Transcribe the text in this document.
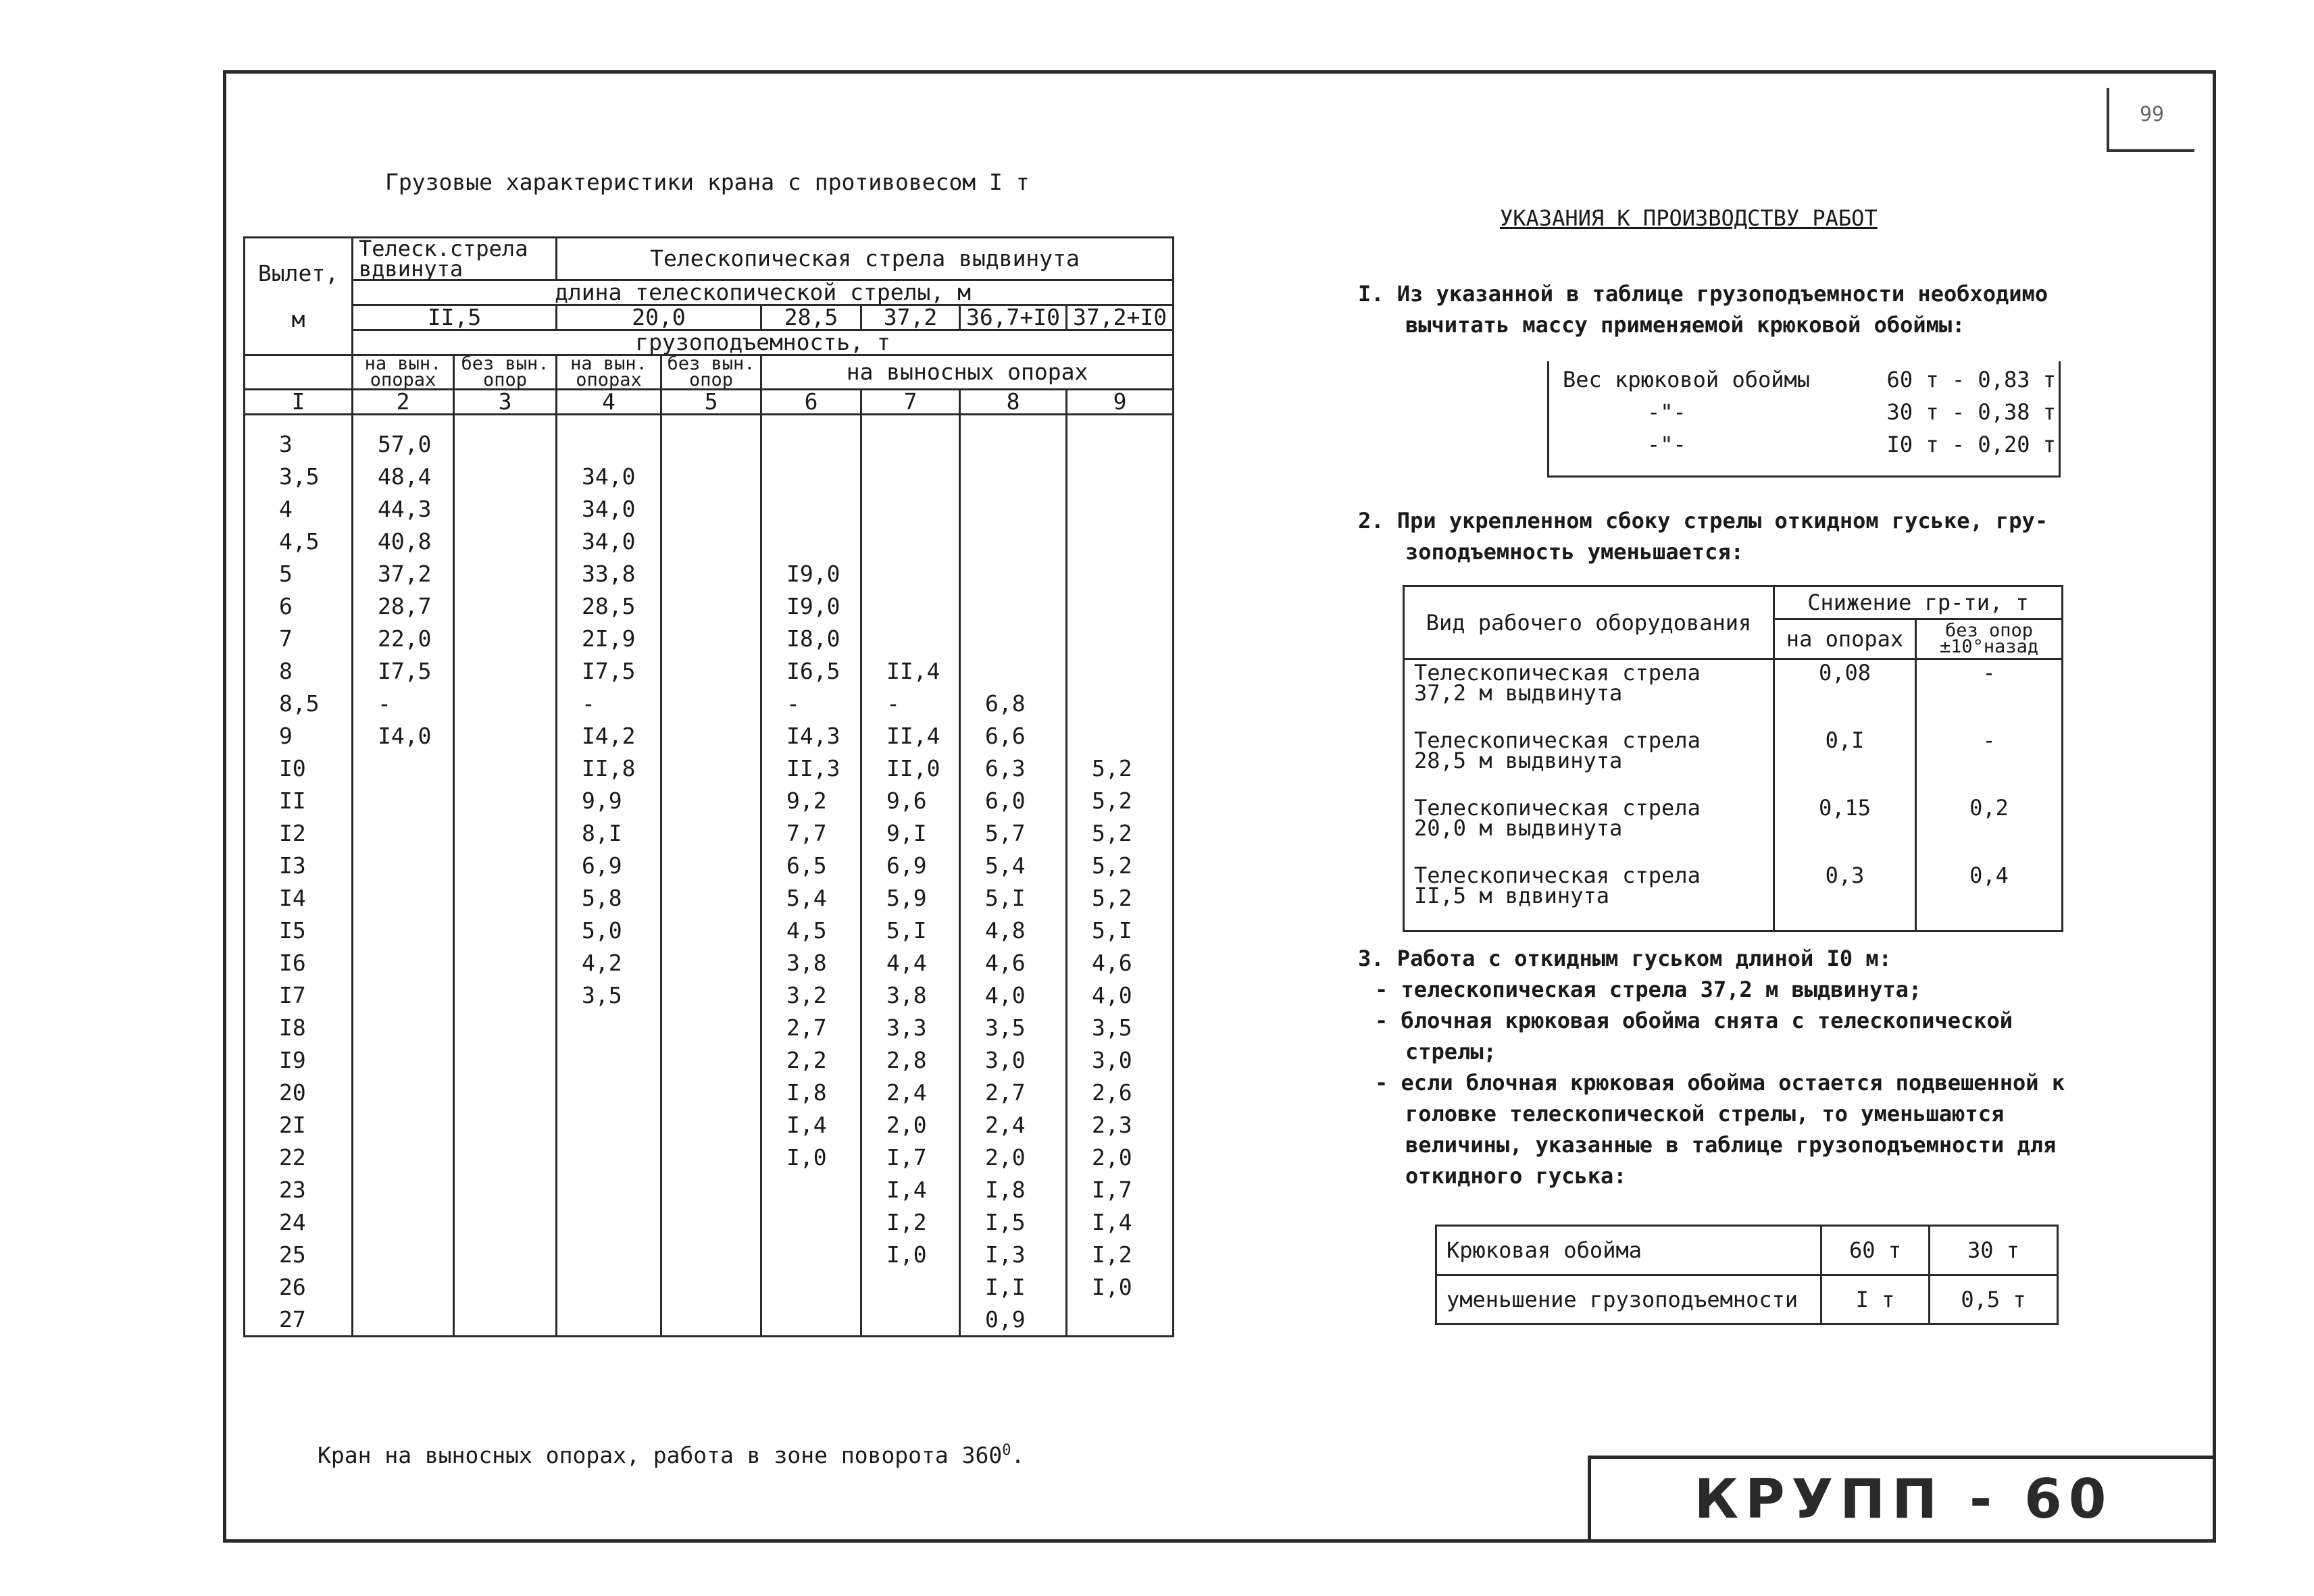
99
Грузовые характеристики крана с противовесом I т
Вылет,

м	Телеск.стрела вдвинута		Телескопическая стрела выдвинута					
	длина телескопической стрелы, м							
	II,5		20,0		28,5	37,2	36,7+I0	37,2+I0
	грузоподъемность, т							
	на вын. опорах	без вын. опор	на вын. опорах	без вын. опор	на выносных опорах			
I	2	3	4	5	6	7	8	9
3	57,0							
3,5	48,4		34,0					
4	44,3		34,0					
4,5	40,8		34,0					
5	37,2		33,8		I9,0			
6	28,7		28,5		I9,0			
7	22,0		2I,9		I8,0			
8	I7,5		I7,5		I6,5	II,4		
8,5	-		-		-	-	6,8	
9	I4,0		I4,2		I4,3	II,4	6,6	
I0			II,8		II,3	II,0	6,3	5,2
II			9,9		9,2	9,6	6,0	5,2
I2			8,I		7,7	9,I	5,7	5,2
I3			6,9		6,5	6,9	5,4	5,2
I4			5,8		5,4	5,9	5,I	5,2
I5			5,0		4,5	5,I	4,8	5,I
I6			4,2		3,8	4,4	4,6	4,6
I7			3,5		3,2	3,8	4,0	4,0
I8					2,7	3,3	3,5	3,5
I9					2,2	2,8	3,0	3,0
20					I,8	2,4	2,7	2,6
2I					I,4	2,0	2,4	2,3
22					I,0	I,7	2,0	2,0
23						I,4	I,8	I,7
24						I,2	I,5	I,4
25						I,0	I,3	I,2
26							I,I	I,0
27							0,9	
Кран на выносных опорах, работа в зоне поворота $360^0$.
УКАЗАНИЯ К ПРОИЗВОДСТВУ РАБОТ
I. Из указанной в таблице грузоподъемности необходимо
вычитать массу применяемой крюковой обоймы:
Вес крюковой обоймы	60 т - 0,83 т
-"-	30 т - 0,38 т
-"-	I0 т - 0,20 т
2. При укрепленном сбоку стрелы откидном гуське, гру-
зоподъемность уменьшается:
Вид рабочего оборудования	Снижение гр-ти, т	
	на опорах	без опор ±10°назад

Телескопическая стрела
37,2 м выдвинута	0,08	-

Телескопическая стрела
28,5 м выдвинута	0,I	-

Телескопическая стрела
20,0 м выдвинута	0,15	0,2

Телескопическая стрела
II,5 м вдвинута	0,3	0,4
3. Работа с откидным гуськом длиной I0 м:
- телескопическая стрела 37,2 м выдвинута;
- блочная крюковая обойма снята с телескопической стрелы;
- если блочная крюковая обойма остается подвешенной к головке телескопической стрелы, то уменьшаются величины, указанные в таблице грузоподъемности для откидного гуська:
Крюковая обойма	60 т	30 т
уменьшение грузоподъемности	I т	0,5 т
КРУПП - 60
